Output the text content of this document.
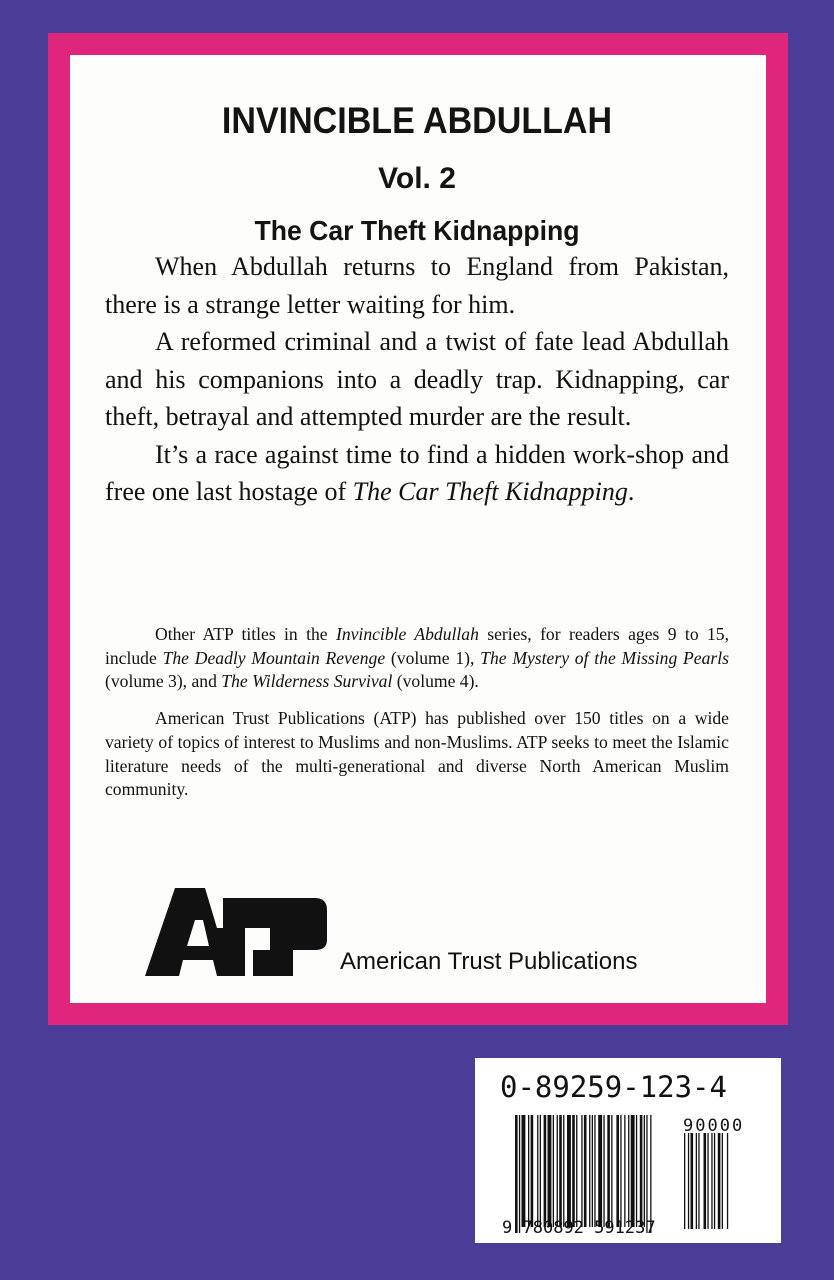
INVINCIBLE ABDULLAH
Vol. 2
The Car Theft Kidnapping

When Abdullah returns to England from Pakistan, there is a strange letter waiting for him.

A reformed criminal and a twist of fate lead Abdullah and his companions into a deadly trap. Kidnapping, car theft, betrayal and attempted murder are the result.

It’s a race against time to find a hidden work-shop and free one last hostage of The Car Theft Kidnapping.

Other ATP titles in the Invincible Abdullah series, for readers ages 9 to 15, include The Deadly Mountain Revenge (volume 1), The Mystery of the Missing Pearls (volume 3), and The Wilderness Survival (volume 4).

American Trust Publications (ATP) has published over 150 titles on a wide variety of topics of interest to Muslims and non-Muslims. ATP seeks to meet the Islamic literature needs of the multi-generational and diverse North American Muslim community.

American Trust Publications
0-89259-123-4
90000
9 780892 591237
